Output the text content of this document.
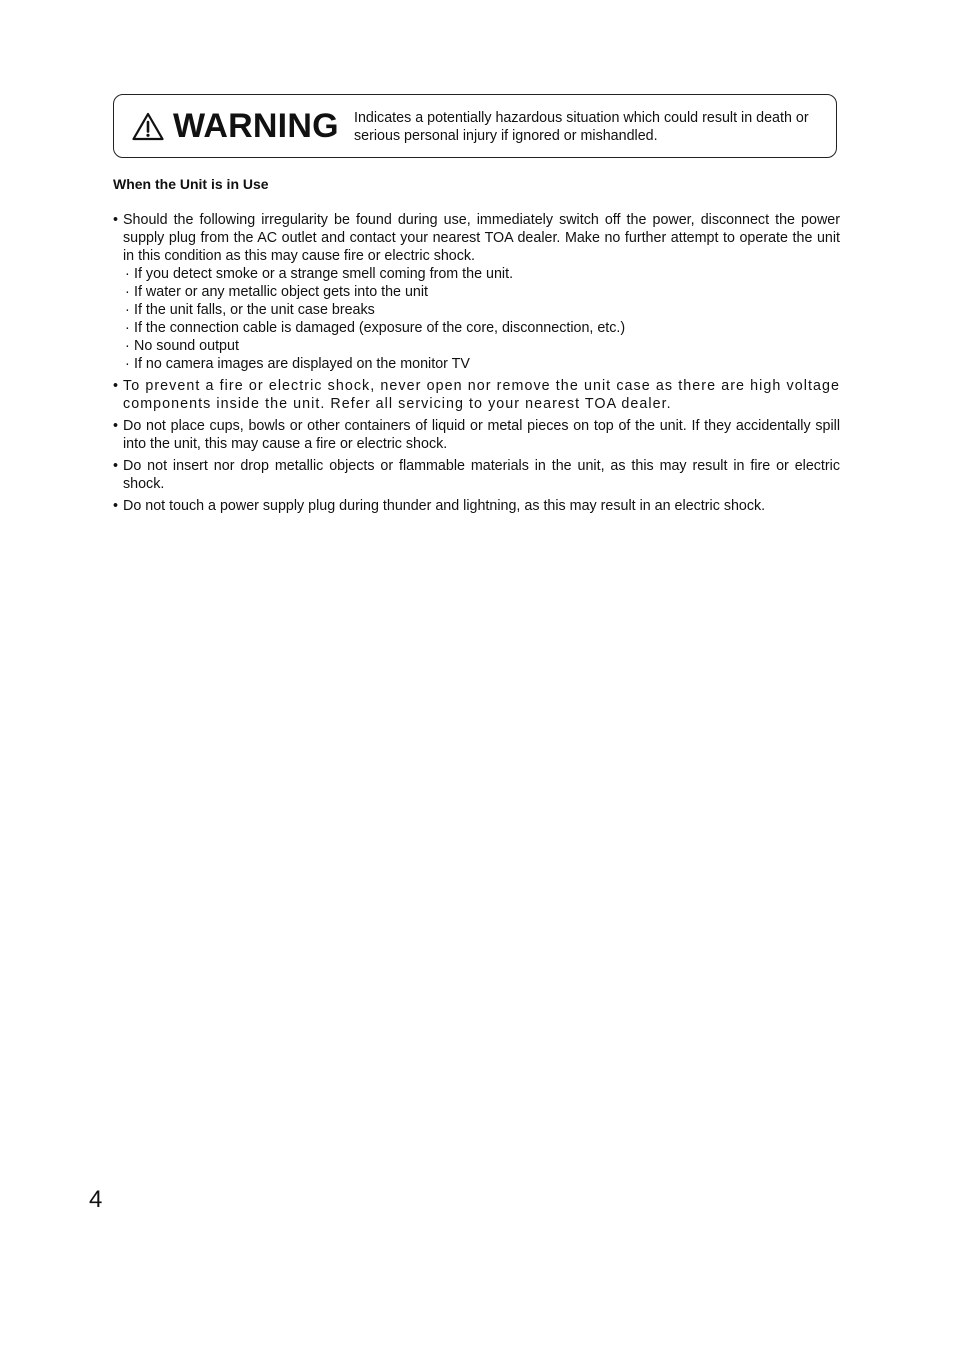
WARNING Indicates a potentially hazardous situation which could result in death or serious personal injury if ignored or mishandled.
When the Unit is in Use
• Should the following irregularity be found during use, immediately switch off the power, disconnect the power supply plug from the AC outlet and contact your nearest TOA dealer. Make no further attempt to operate the unit in this condition as this may cause fire or electric shock.
· If you detect smoke or a strange smell coming from the unit.
· If water or any metallic object gets into the unit
· If the unit falls, or the unit case breaks
· If the connection cable is damaged (exposure of the core, disconnection, etc.)
· No sound output
· If no camera images are displayed on the monitor TV
• To prevent a fire or electric shock, never open nor remove the unit case as there are high voltage components inside the unit. Refer all servicing to your nearest TOA dealer.
• Do not place cups, bowls or other containers of liquid or metal pieces on top of the unit. If they accidentally spill into the unit, this may cause a fire or electric shock.
• Do not insert nor drop metallic objects or flammable materials in the unit, as this may result in fire or electric shock.
• Do not touch a power supply plug during thunder and lightning, as this may result in an electric shock.
4
